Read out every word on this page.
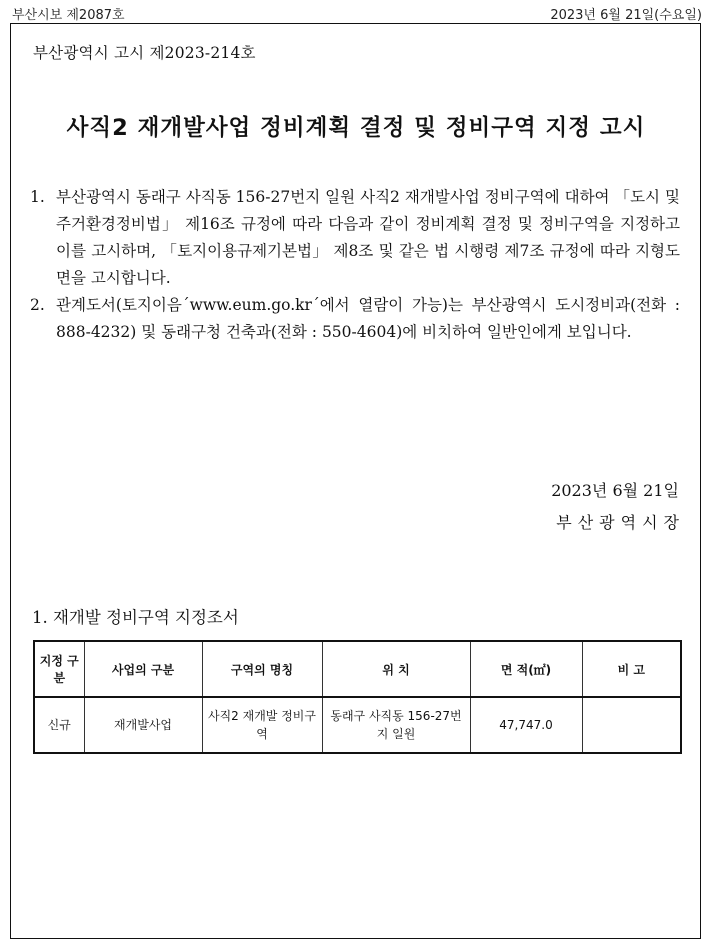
부산시보 제2087호	2023년 6월 21일(수요일)
부산광역시 고시 제2023-214호
사직2 재개발사업 정비계획 결정 및 정비구역 지정 고시
1. 부산광역시 동래구 사직동 156-27번지 일원 사직2 재개발사업 정비구역에 대하여 「도시 및 주거환경정비법」 제16조 규정에 따라 다음과 같이 정비계획 결정 및 정비구역을 지정하고 이를 고시하며, 「토지이용규제기본법」 제8조 및 같은 법 시행령 제7조 규정에 따라 지형도면을 고시합니다.
2. 관계도서(토지이음´www.eum.go.kr´에서 열람이 가능)는 부산광역시 도시정비과(전화 : 888-4232) 및 동래구청 건축과(전화 : 550-4604)에 비치하여 일반인에게 보입니다.
2023년 6월 21일
부산광역시장
1. 재개발 정비구역 지정조서
지정 구분	사업의 구분	구역의 명칭	위 치	면 적(㎡)	비 고
신규	재개발사업	사직2 재개발 정비구역	동래구 사직동 156-27번지 일원	47,747.0	
